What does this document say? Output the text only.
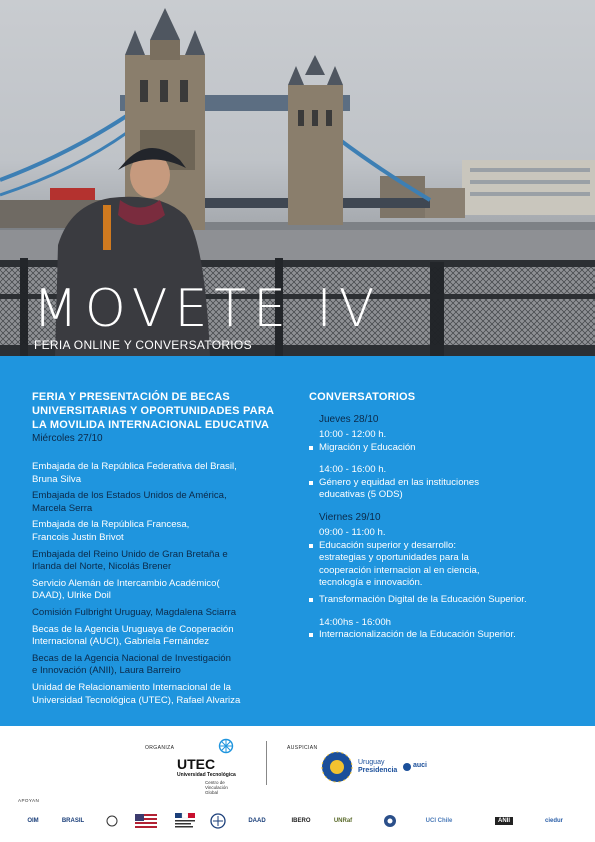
MOVETE IV
FERIA ONLINE Y CONVERSATORIOS
FERIA Y PRESENTACIÓN DE BECAS
UNIVERSITARIAS Y OPORTUNIDADES PARA
LA MOVILIDA INTERNACIONAL EDUCATIVA
Miércoles 27/10
Embajada de la República Federativa del Brasil,
Bruna Silva
Embajada de los Estados Unidos de América,
Marcela Serra
Embajada de la República Francesa,
Francois Justin Brivot
Embajada del Reino Unido de Gran Bretaña e
Irlanda del Norte, Nicolás Brener
Servicio Alemán de Intercambio Académico(
DAAD), Ulrike Doil
Comisión Fulbright Uruguay, Magdalena Sciarra
Becas de la Agencia Uruguaya de Cooperación
Internacional (AUCI), Gabriela Fernández
Becas de la Agencia Nacional de Investigación
e Innovación (ANII), Laura Barreiro
Unidad de Relacionamiento Internacional de la
Universidad Tecnológica (UTEC), Rafael Alvariza
CONVERSATORIOS
Jueves 28/10
10:00 - 12:00 h.
Migración y Educación
14:00 - 16:00 h.
Género y equidad en las instituciones
educativas (5 ODS)
Viernes 29/10
09:00 - 11:00 h.
Educación superior y desarrollo:
estrategias y oportunidades para la
cooperación internacion al en ciencia,
tecnología e innovación.
Transformación Digital de la Educación Superior.
14:00hs - 16:00h
Internacionalización de la Educación Superior.
ORGANIZA
UTEC
Universidad Tecnológica
Centro de Vinculación
Global
AUSPICIAN
Uruguay
Presidencia
auci
APOYAN
OIM	BRASIL	DAAD	IBERO	UNRaf	UCI Chile	ANII	ciedur
